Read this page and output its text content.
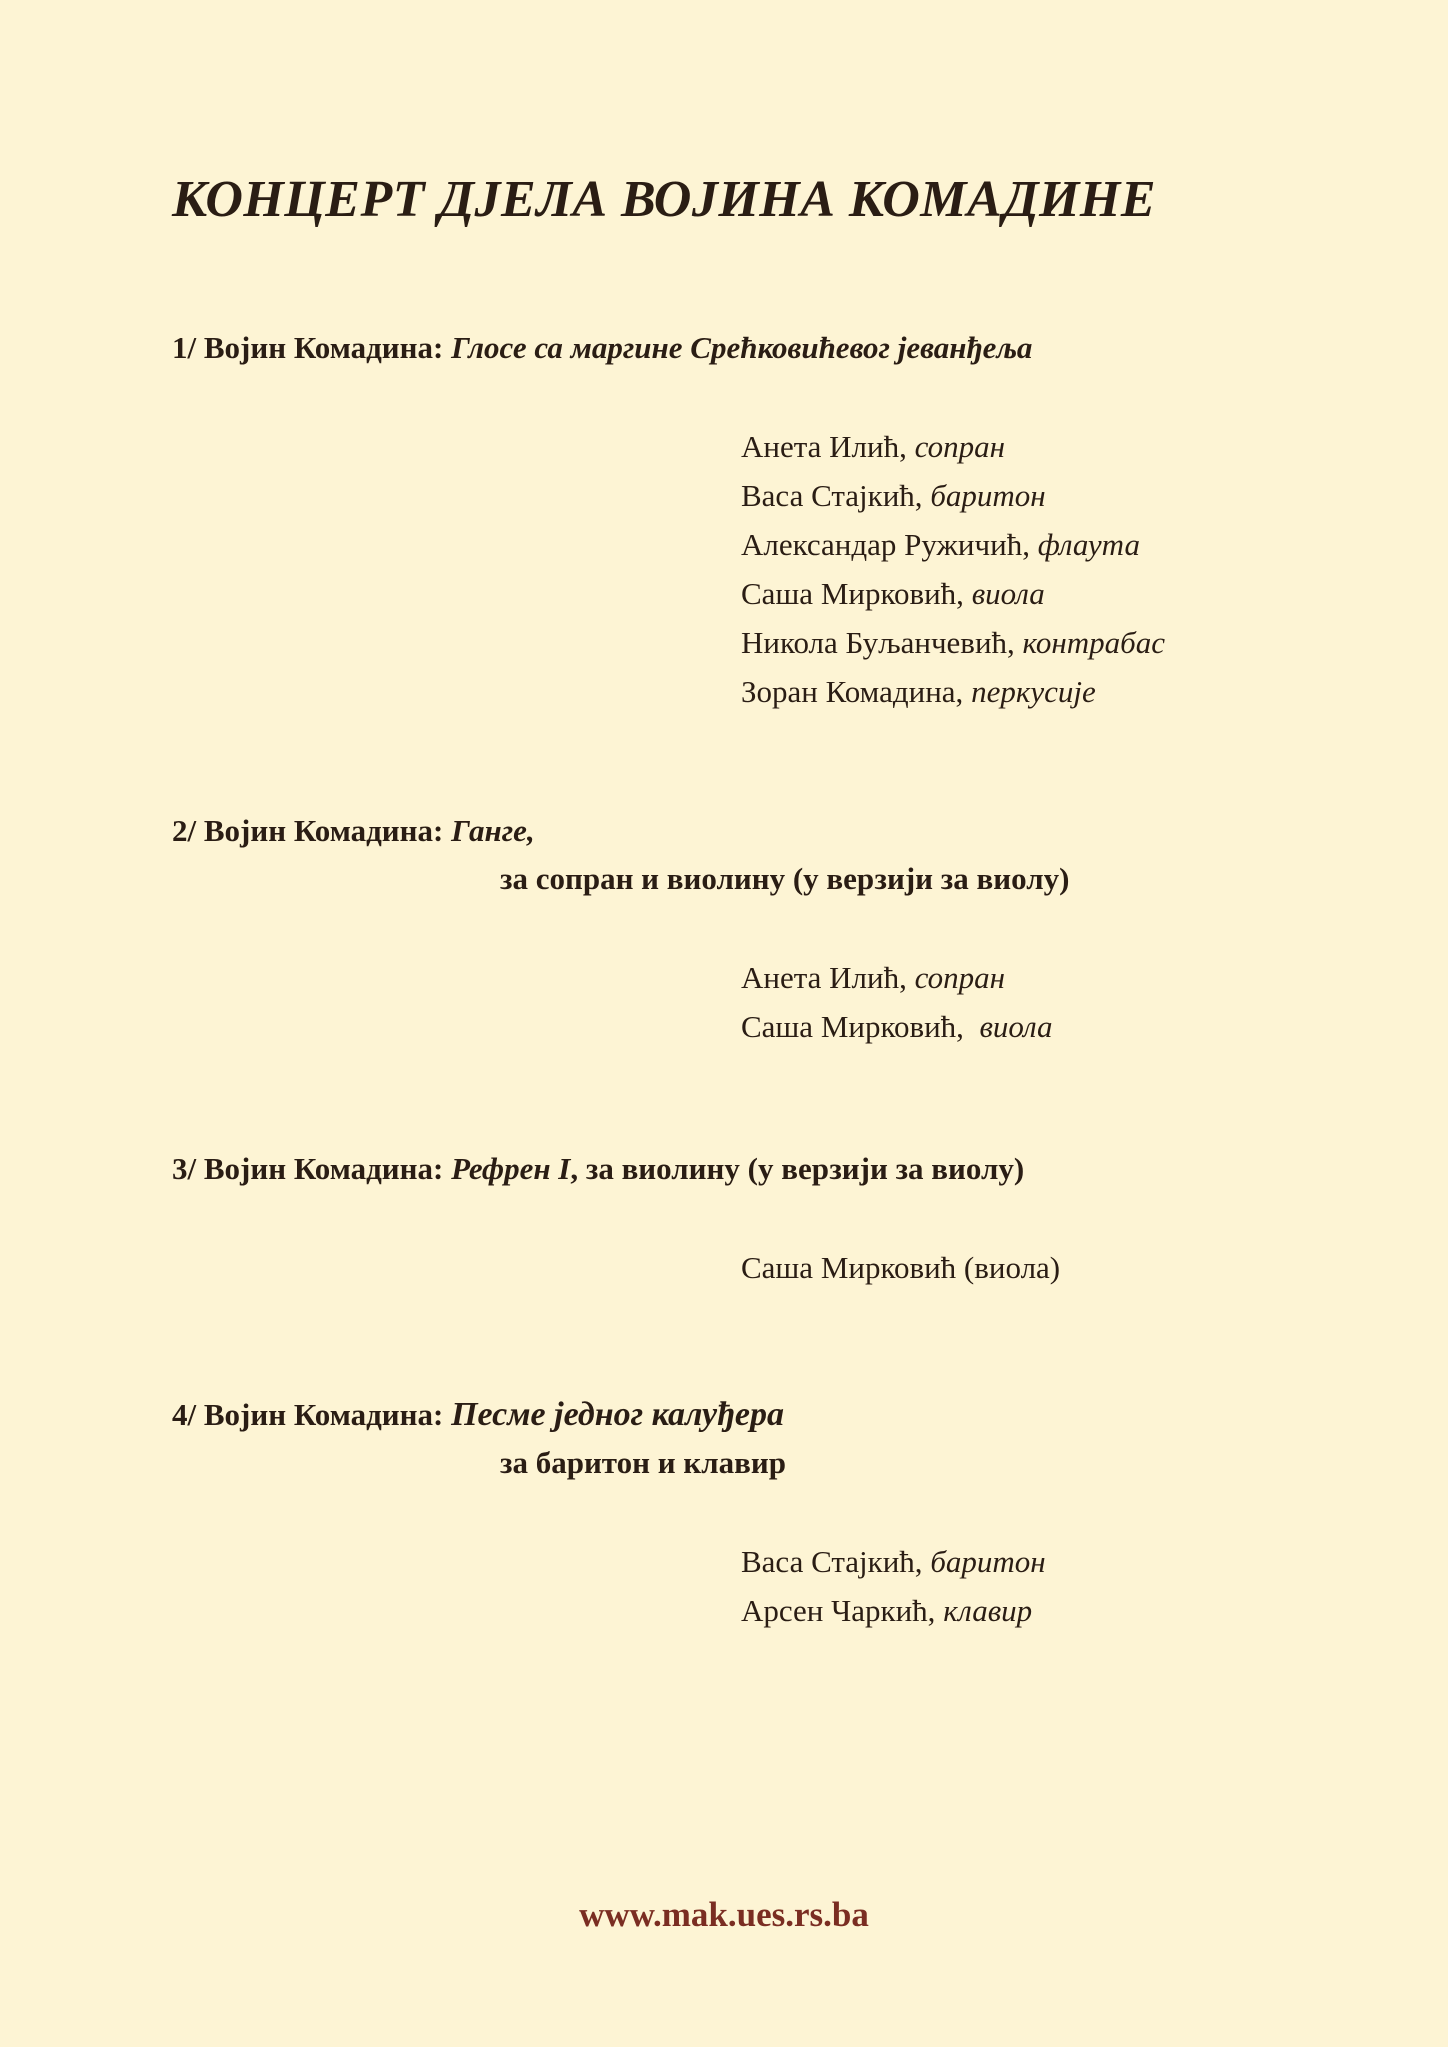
КОНЦЕРТ ДЈЕЛА ВОЈИНА КОМАДИНЕ
1/ Војин Комадина: Глосе са маргине Срећковићевог јеванђеља
Анета Илић, сопран
Васа Стајкић, баритон
Александар Ружичић, флаута
Саша Мирковић, виола
Никола Буљанчевић, контрабас
Зоран Комадина, перкусије
2/ Војин Комадина: Ганге,
за сопран и виолину (у верзији за виолу)
Анета Илић, сопран
Саша Мирковић, виола
3/ Војин Комадина: Рефрен I, за виолину (у верзији за виолу)
Саша Мирковић (виола)
4/ Војин Комадина: Песме једног калуђера
за баритон и клавир
Васа Стајкић, баритон
Арсен Чаркић, клавир
www.mak.ues.rs.ba
